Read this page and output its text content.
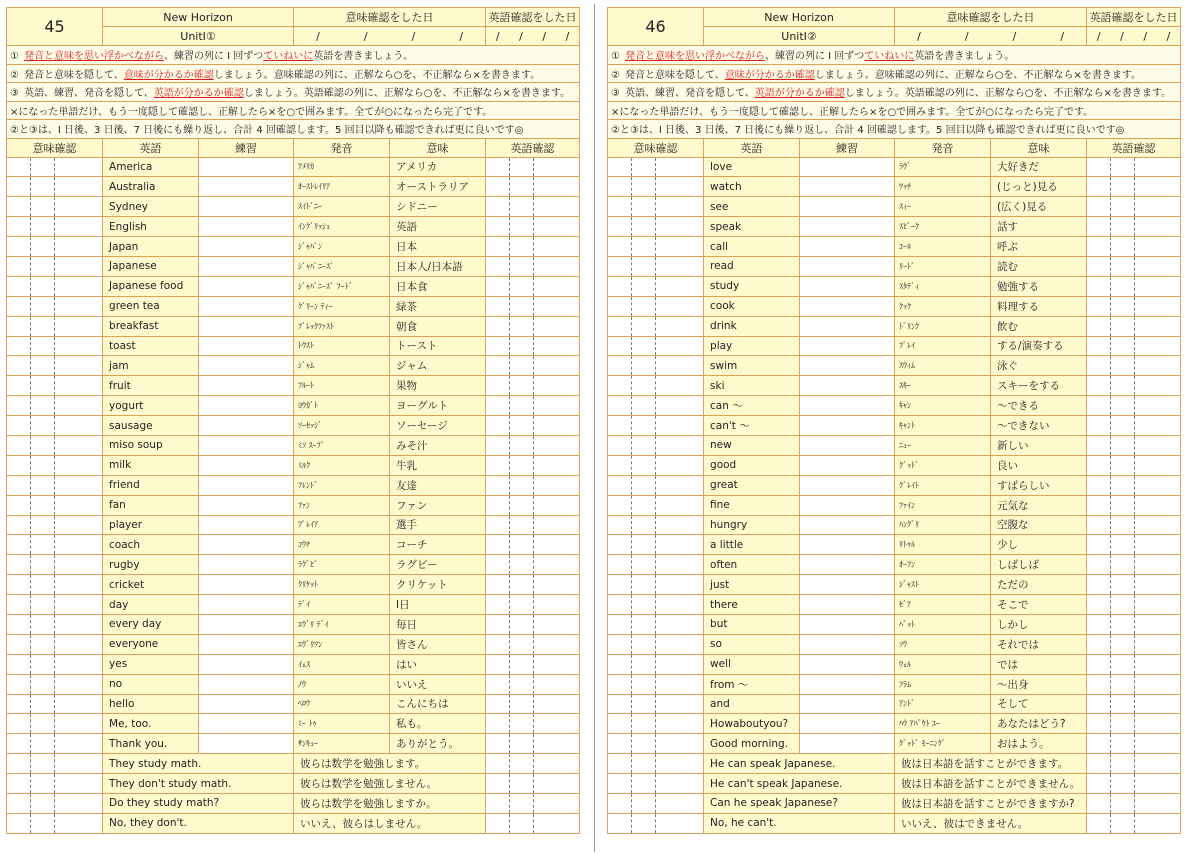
45			New Horizon		意味確認をした日		英語確認をした日		
			UnitⅠ①		/ / / /		/ / / /		

① 発音と意味を思い浮かべながら、練習の列に Ⅰ 回ずつていねいに英語を書きましょう。									
② 発音と意味を隠して、意味が分かるか確認しましょう。意味確認の列に、正解なら○を、不正解なら×を書きます。									
③ 英語、練習、発音を隠して、英語が分かるか確認しましょう。英語確認の列に、正解なら○を、不正解なら×を書きます。									
×になった単語だけ、もう一度隠して確認し、正解したら×を○で囲みます。全てが○になったら完了です。									
②と③は、Ⅰ 日後、3 日後、7 日後にも繰り返し、合計 4 回確認します。5 回目以降も確認できれば更に良いです◎									
意味確認			英語	練習	発音	意味	英語確認		
			America		ｱﾒﾘｶ	アメリカ			
			Australia		ｵｰｽﾄﾚｲﾘｱ	オーストラリア			
			Sydney		ｽｲﾄﾞﾆｰ	シドニー			
			English		ｲﾝｸﾞﾘｯｼｭ	英語			
			Japan		ｼﾞｬﾊﾟﾝ	日本			
			Japanese		ｼﾞｬﾊﾟﾆｰｽﾞ	日本人/日本語			
			Japanese food		ｼﾞｬﾊﾟﾆｰｽﾞ ﾌｰﾄﾞ	日本食			
			green tea		ｸﾞﾘｰﾝ ﾃｨｰ	緑茶			
			breakfast		ﾌﾞﾚｯｸﾌｧｽﾄ	朝食			
			toast		ﾄｳｽﾄ	トースト			
			jam		ｼﾞｬﾑ	ジャム			
			fruit		ﾌﾙｰﾄ	果物			
			yogurt		ﾖｳｶﾞﾄ	ヨーグルト			
			sausage		ｿｰｾｯｼﾞ	ソーセージ			
			miso soup		ﾐｿ ｽｰﾌﾟ	みそ汁			
			milk		ﾐﾙｸ	牛乳			
			friend		ﾌﾚﾝﾄﾞ	友達			
			fan		ﾌｧﾝ	ファン			
			player		ﾌﾟﾚｲｱ	選手			
			coach		ｺｳﾁ	コーチ			
			rugby		ﾗｸﾞﾋﾞ	ラグビー			
			cricket		ｸﾘｹｯﾄ	クリケット			
			day		ﾃﾞｲ	Ⅰ日			
			every day		ｴｳﾞﾘ ﾃﾞｲ	毎日			
			everyone		ｴｳﾞﾘﾜﾝ	皆さん			
			yes		ｲｪｽ	はい			
			no		ﾉｳ	いいえ			
			hello		ﾍﾛｳ	こんにちは			
			Me, too.		ﾐｰ ﾄｩ	私も。			
			Thank you.		ｻﾝｷｭｰ	ありがとう。			
			They study math.		彼らは数学を勉強します。				
			They don't study math.		彼らは数学を勉強しません。				
			Do they study math?		彼らは数学を勉強しますか。				
			No, they don't.		いいえ、彼らはしません。				
46			New Horizon		意味確認をした日		英語確認をした日		
			UnitⅠ②		/ / / /		/ / / /		

① 発音と意味を思い浮かべながら、練習の列に Ⅰ 回ずつていねいに英語を書きましょう。									
② 発音と意味を隠して、意味が分かるか確認しましょう。意味確認の列に、正解なら○を、不正解なら×を書きます。									
③ 英語、練習、発音を隠して、英語が分かるか確認しましょう。英語確認の列に、正解なら○を、不正解なら×を書きます。									
×になった単語だけ、もう一度隠して確認し、正解したら×を○で囲みます。全てが○になったら完了です。									
②と③は、Ⅰ 日後、3 日後、7 日後にも繰り返し、合計 4 回確認します。5 回目以降も確認できれば更に良いです◎									
意味確認			英語	練習	発音	意味	英語確認		
			love		ﾗｳﾞ	大好きだ			
			watch		ﾜｯﾁ	(じっと)見る			
			see		ｽｨｰ	(広く)見る			
			speak		ｽﾋﾟｰｸ	話す			
			call		ｺｰﾙ	呼ぶ			
			read		ﾘｰﾄﾞ	読む			
			study		ｽﾀﾃﾞｨ	勉強する			
			cook		ｸｯｸ	料理する			
			drink		ﾄﾞﾘﾝｸ	飲む			
			play		ﾌﾟﾚｲ	する/演奏する			
			swim		ｽｳｨﾑ	泳ぐ			
			ski		ｽｷｰ	スキーをする			
			can ～		ｷｬﾝ	～できる			
			can't ～		ｷｬﾝﾄ	～できない			
			new		ﾆｭｰ	新しい			
			good		ｸﾞｯﾄﾞ	良い			
			great		ｸﾞﾚｲﾄ	すばらしい			
			fine		ﾌｧｲﾝ	元気な			
			hungry		ﾊﾝｸﾞﾘ	空腹な			
			a little		ﾘﾄｩﾙ	少し			
			often		ｵｰﾌﾝ	しばしば			
			just		ｼﾞｬｽﾄ	ただの			
			there		ｾﾞｱ	そこで			
			but		ﾊﾞｯﾄ	しかし			
			so		ｿｳ	それでは			
			well		ｳｪﾙ	では			
			from ～		ﾌﾗﾑ	～出身			
			and		ｱﾝﾄﾞ	そして			
			Howaboutyou?		ﾊｳ ｱﾊﾞｳﾄ ﾕｰ	あなたはどう?			
			Good morning.		ｸﾞｯﾄﾞ ﾓｰﾆﾝｸﾞ	おはよう。			
			He can speak Japanese.		彼は日本語を話すことができます。				
			He can't speak Japanese.		彼は日本語を話すことができません。				
			Can he speak Japanese?		彼は日本語を話すことができますか?				
			No, he can't.		いいえ、彼はできません。				
